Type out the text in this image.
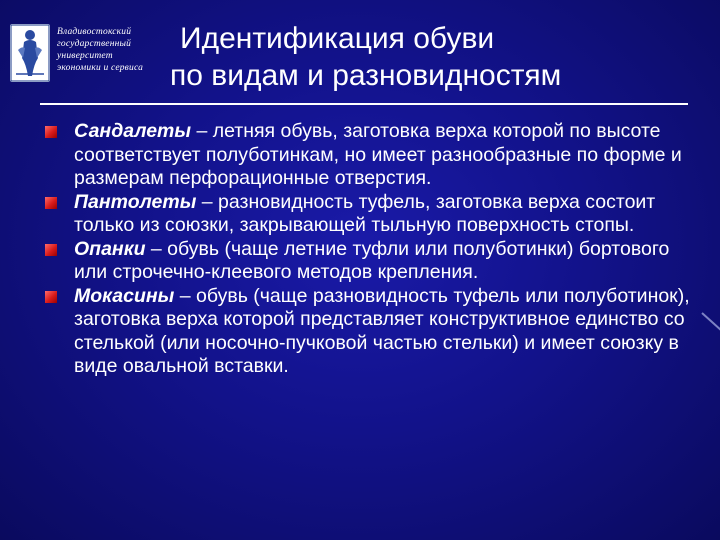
Владивостокский
государственный
университет
экономики и сервиса
Идентификация обуви
по видам и разновидностям
Сандалеты – летняя обувь, заготовка верха которой по высоте соответствует полуботинкам, но имеет разнообразные по форме и размерам перфорационные отверстия.
Пантолеты – разновидность туфель, заготовка верха состоит только из союзки, закрывающей тыльную поверхность стопы.
Опанки – обувь (чаще летние туфли или полуботинки) бортового или строчечно-клеевого методов крепления.
Мокасины – обувь (чаще разновидность туфель или полуботинок), заготовка верха которой представляет конструктивное единство со стелькой (или носочно-пучковой частью стельки) и имеет союзку в виде овальной вставки.
